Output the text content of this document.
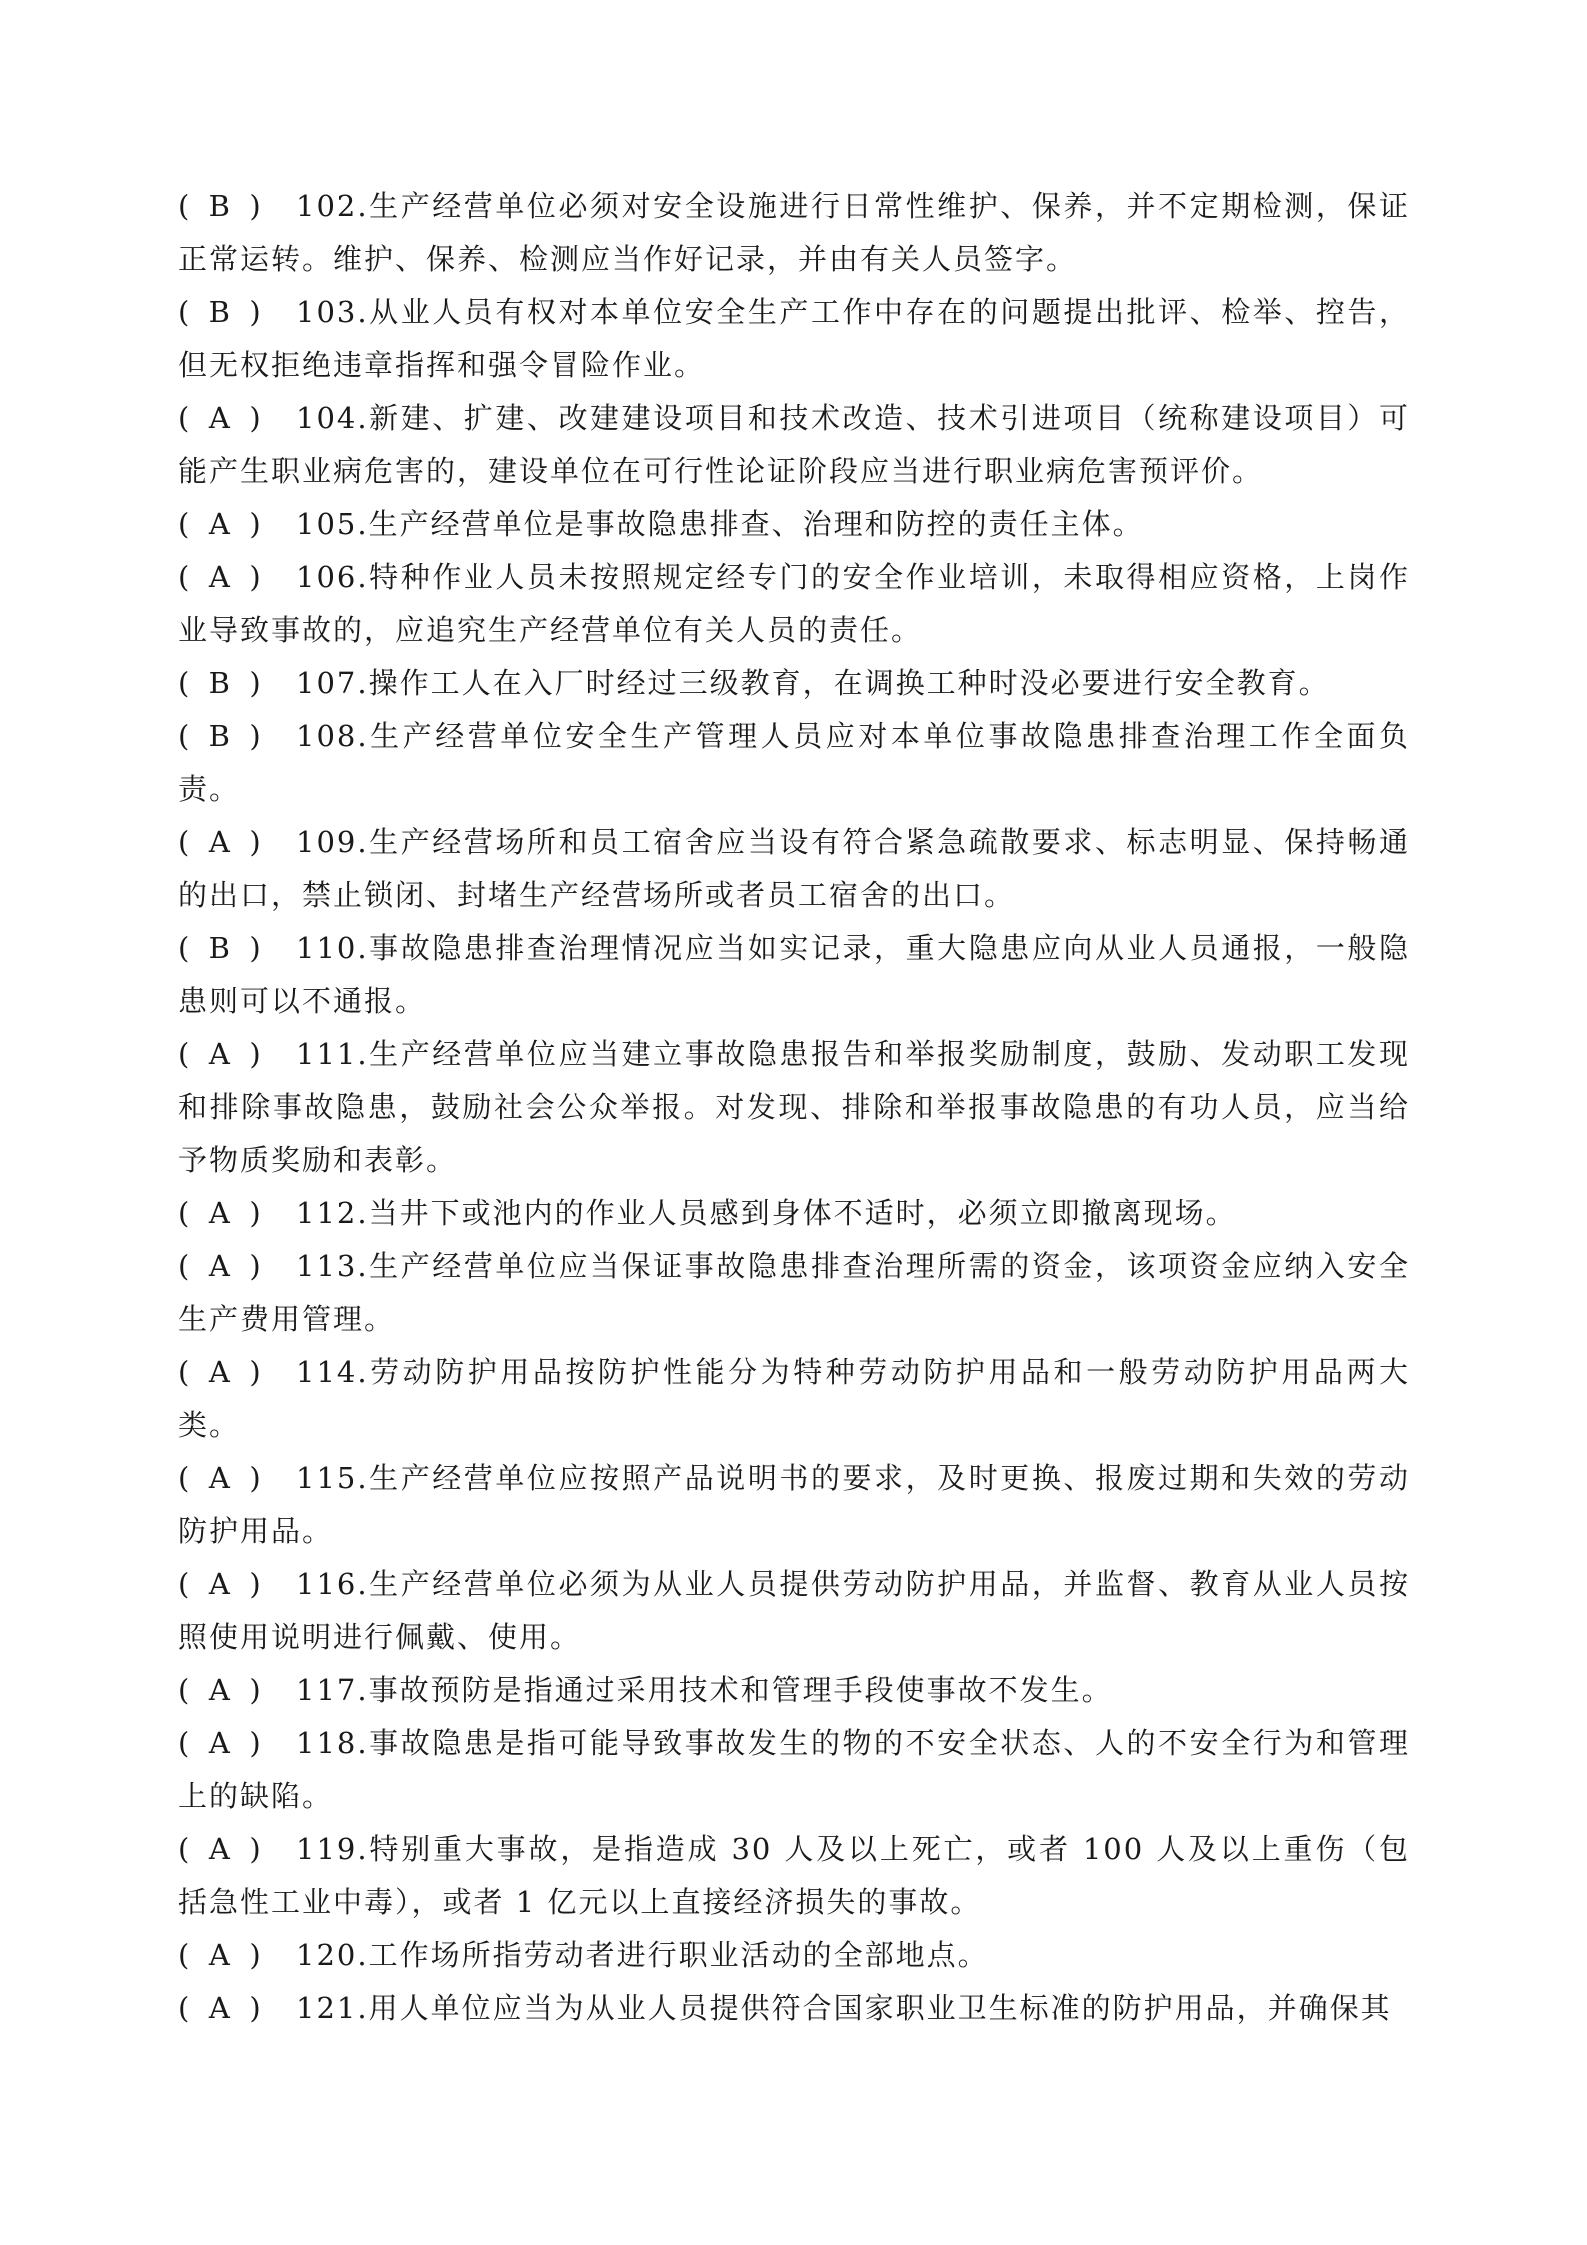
( B ) 102.生产经营单位必须对安全设施进行日常性维护、保养，并不定期检测，保证正常运转。维护、保养、检测应当作好记录，并由有关人员签字。

( B ) 103.从业人员有权对本单位安全生产工作中存在的问题提出批评、检举、控告，但无权拒绝违章指挥和强令冒险作业。

( A ) 104.新建、扩建、改建建设项目和技术改造、技术引进项目（统称建设项目）可能产生职业病危害的，建设单位在可行性论证阶段应当进行职业病危害预评价。

( A ) 105.生产经营单位是事故隐患排查、治理和防控的责任主体。

( A ) 106.特种作业人员未按照规定经专门的安全作业培训，未取得相应资格，上岗作业导致事故的，应追究生产经营单位有关人员的责任。

( B ) 107.操作工人在入厂时经过三级教育，在调换工种时没必要进行安全教育。

( B ) 108.生产经营单位安全生产管理人员应对本单位事故隐患排查治理工作全面负责。

( A ) 109.生产经营场所和员工宿舍应当设有符合紧急疏散要求、标志明显、保持畅通的出口，禁止锁闭、封堵生产经营场所或者员工宿舍的出口。

( B ) 110.事故隐患排查治理情况应当如实记录，重大隐患应向从业人员通报，一般隐患则可以不通报。

( A ) 111.生产经营单位应当建立事故隐患报告和举报奖励制度，鼓励、发动职工发现和排除事故隐患，鼓励社会公众举报。对发现、排除和举报事故隐患的有功人员，应当给予物质奖励和表彰。

( A ) 112.当井下或池内的作业人员感到身体不适时，必须立即撤离现场。

( A ) 113.生产经营单位应当保证事故隐患排查治理所需的资金，该项资金应纳入安全生产费用管理。

( A ) 114.劳动防护用品按防护性能分为特种劳动防护用品和一般劳动防护用品两大类。

( A ) 115.生产经营单位应按照产品说明书的要求，及时更换、报废过期和失效的劳动防护用品。

( A ) 116.生产经营单位必须为从业人员提供劳动防护用品，并监督、教育从业人员按照使用说明进行佩戴、使用。

( A ) 117.事故预防是指通过采用技术和管理手段使事故不发生。

( A ) 118.事故隐患是指可能导致事故发生的物的不安全状态、人的不安全行为和管理上的缺陷。

( A ) 119.特别重大事故，是指造成 30 人及以上死亡，或者 100 人及以上重伤（包括急性工业中毒），或者 1 亿元以上直接经济损失的事故。

( A ) 120.工作场所指劳动者进行职业活动的全部地点。

( A ) 121.用人单位应当为从业人员提供符合国家职业卫生标准的防护用品，并确保其
